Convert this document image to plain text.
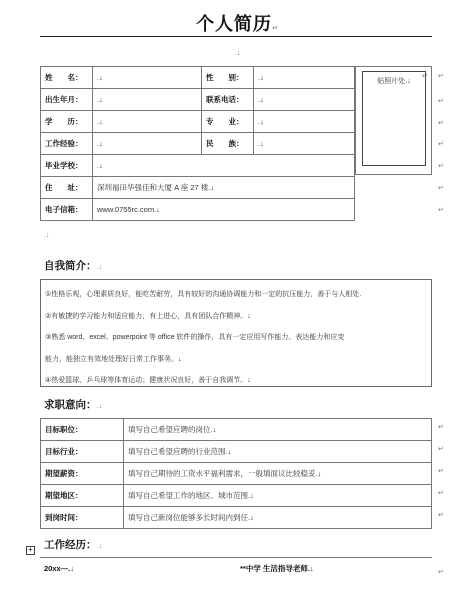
个人简历↵
.↓
姓　　名：	.↓	性　　别：	.↓
出生年月：	.↓	联系电话：	.↓
学　　历：	.↓	专　　业：	.↓
工作经验：	.↓	民　　族：	.↓
毕业学校：	.↓		
住　　址：	深圳福田华强佳和大厦 A 座 27 楼.↓		
电子信箱：	www.0755rc.com.↓		
贴照片处.↓
↵ ↵
↵
↵
↵
↵
↵
↵
.↓
自我简介：.↓
①性格乐观，心理素质良好，能吃苦耐劳，具有较好的沟通协调能力和一定的抗压能力，善于与人相处.
②有敏捷的学习能力和适应能力，有上进心，具有团队合作精神。↓
③熟悉 word、excel、powerpoint 等 office 软件的操作，具有一定应用写作能力、表达能力和应变
能力，能独立有效地处理好日常工作事务。↓
④热爱篮球、乒乓球等体育运动；健康状况良好，善于自我调节。↓
求职意向：.↓
目标职位：	填写自己希望应聘的岗位.↓
目标行业：	填写自己希望应聘的行业范围.↓
期望薪资：	填写自己期待的工资水平福利需求，一般填面议比较稳妥.↓
期望地区：	填写自己希望工作的地区、城市范围.↓
到岗时间：	填写自己新岗位能够多长时间内到任.↓
↵
↵
↵
↵
↵
+ 工作经历：.↓
20xx—.↓	**中学 生活指导老师.↓	↵
